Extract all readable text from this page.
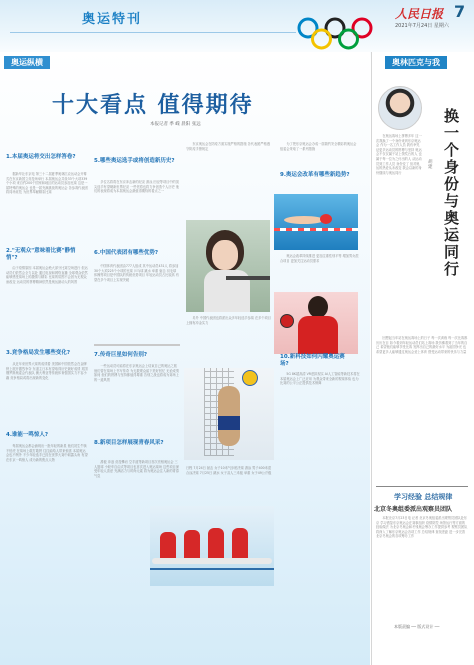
奥运特刊	人民日报 7
2021年7月24日 星期六
奥运纵横
十大看点 值得期待
本报记者 季 嵘 晨阳 张远
1.本届奥运将交出怎样答卷?
　　据新华社东京电 第三十二届夏季奥林匹克运动会开幕式在东京新国立竞技场举行 本届奥运会共设33个大项339个小项 来自约200个国家和地区的运动员参加比赛 这是一届特殊的奥运会 也是一届充满挑战的奥运会 各参赛代表团将同场竞技 为世界奉献精彩比赛
2."无观众"意味着比赛"静悄悄"?
　　由于疫情原因 本届奥运会绝大部分比赛空场进行 但运动员们依然会全力以赴 通过电视和网络直播 全球观众依然能够感受赛场上的激情与精彩 比赛的氛围不会因为无观众而改变 运动员的拼搏精神依然是奥运最动人的风景
3.竞争格局发生哪些变化?
　　从近年来世界大赛的成绩看 美国和中国依然会在金牌榜上展开激烈争夺 东道主日本有望取得历史最好成绩 英国 俄罗斯奥委会代表队 澳大利亚等传统体育强国实力不容小觑 竞争格局或将出现新的变化
4.谁能一鸣惊人?
　　每届奥运会都会涌现出一批年轻的新星 他们初生牛犊不怕虎 在赛场上敢打敢拼 往往能给人带来惊喜 本届奥运会也不例外 不少年轻选手已经在世界大赛中崭露头角 有望在东京一鸣惊人 成为新的焦点人物
5.哪些奥运选手或将创造新历史?
　　多位名将将在东京冲击新的纪录 游泳 田径等项目中的顶尖选手有望刷新世界纪录 一些老将也将力争创造个人历史 他们的表现将成为本届奥运会最值得期待的看点之一
6.中国代表团有哪些优势?
　　中国体育代表团由777人组成 其中运动员431人 将参加30个大项225个小项的比赛 乒乓球 跳水 举重 射击 羽毛球 体操等项目是中国队的传统优势项目 年轻运动员占比较高 有望在多个项目上实现突破
7.传奇巨星如何告别?
　　一些运动员可能将在东京奥运会上结束自己的奥运之旅 他们曾在赛场上书写传奇 为无数观众留下美好回忆 无论成绩如何 他们的拼搏与坚持都值得尊重 告别之战也将成为赛场上的一道风景
8.新项目怎样展现青春风采?
　　滑板 冲浪 竞技攀岩 空手道等新项目首次亮相奥运会 三人篮球 小轮车自由式等项目也首次进入奥运赛场 这些项目深受年轻人喜爱 充满活力与时尚元素 将为奥运会注入新的青春气息
　　东京奥运会在防疫方面实施严格的措施 各代表团严格遵守防疫手册规定
　　另外 中国代表团也将派出众多年轻选手参赛 在多个项目上拥有冲金实力
日程 7月24日 射击 女子10米气步枪决赛 游泳 男子400米混合泳决赛 7月25日 跳水 女子双人三米板 举重 女子49公斤级
　　为了把东京奥运会办成一届简约安全精彩的奥运会 组委会采取了一系列措施
9.奥运会改革有哪些新趋势?
　　奥运会改革持续推进 更加注重性别平等 增加男女混合项目 更加关注运动员需求
10.新科技如何闪耀奥运赛场?
　　5G 8K超高清 VR虚拟现实 AI人工智能等新技术将在本届奥运会上广泛应用 为观众带来全新的观赛体验 也为比赛的公平公正提供技术保障
奥林匹克与我
换一个身份与奥运同行
胡 建
　　在奥运赛场上拼搏多年 这一次我换了一个身份来到东京奥运会 作为一名工作人员 我有幸见证更多运动员的拼搏与坚持 奥运会不仅仅属于站上领奖台的人 也属于每一位为之付出的人 从运动员到工作人员 身份变了 但对奥运的热爱从未改变 我会以新的身份继续与奥运同行
　　回想起当年站在奥运赛场上的日子 每一次训练 每一次比赛都历历在目 如今看到年轻运动员们站上赛场 我仿佛看到了当年的自己 希望他们能够享受比赛 发挥出自己的最好水平 为祖国争光 也希望更多人能够通过奥运会爱上体育 感受运动带来的快乐与力量
学习经验 总结规律
北京冬奥组委派出观察员团队
　　本报北京7月23日电 记者 北京冬奥组委派出观察员团队赴东京 学习借鉴东京奥运会在赛事组织 疫情防控 场馆运行等方面的经验做法 为北京冬奥会和冬残奥会筹办工作提供参考 观察员团队将深入了解东京奥运会各项工作 总结规律 查找差距 进一步完善北京冬奥会的各项筹办工作
本版责编 ── 版式设计 ──
